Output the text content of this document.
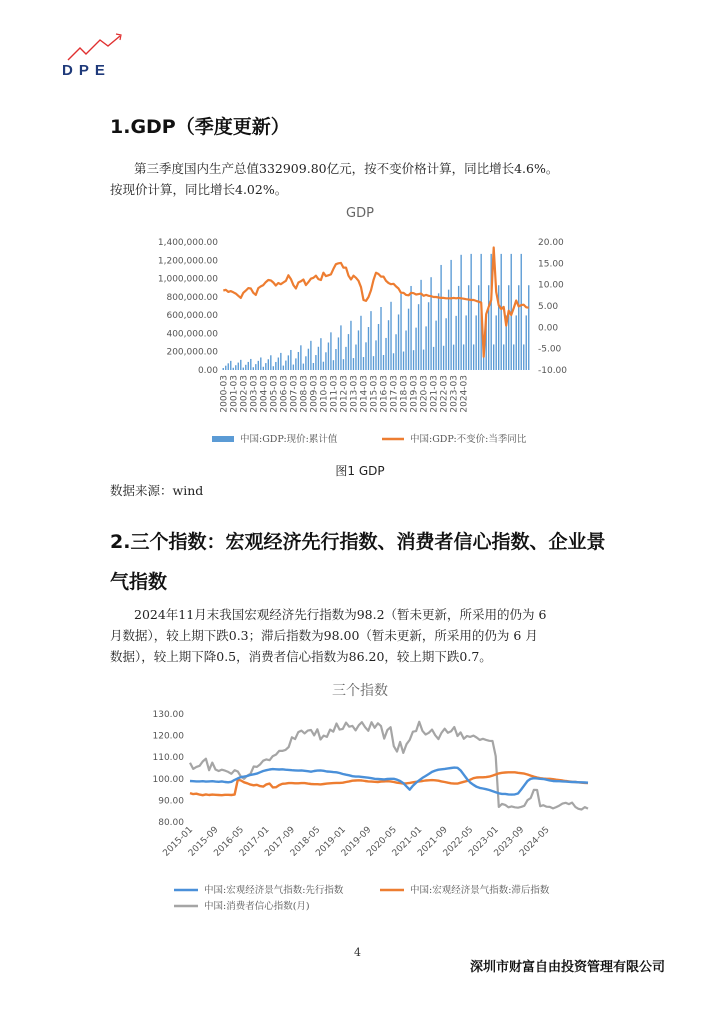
DPE
1.GDP（季度更新）
第三季度国内生产总值332909.80亿元，按不变价格计算，同比增长4.6%。
按现价计算，同比增长4.02%。
GDP
1,400,000.00
1,200,000.00
1,000,000.00
800,000.00
600,000.00
400,000.00
200,000.00
0.00
20.00
15.00
10.00
5.00
0.00
-5.00
-10.00
2000-03 2001-03 2002-03 2003-03 2004-03 2005-03 2006-03 2007-03 2008-03 2009-03 2010-03 2011-03 2012-03 2013-03 2014-03 2015-03 2016-03 2017-03 2018-03 2019-03 2020-03 2021-03 2022-03 2023-03 2024-03
中国:GDP:现价:累计值	中国:GDP:不变价:当季同比
图1 GDP
数据来源：wind
2.三个指数：宏观经济先行指数、消费者信心指数、企业景
气指数
2024年11月末我国宏观经济先行指数为98.2（暂未更新，所采用的仍为 6
月数据），较上期下跌0.3；滞后指数为98.00（暂未更新，所采用的仍为 6 月
数据），较上期下降0.5，消费者信心指数为86.20，较上期下跌0.7。
三个指数
130.00
120.00
110.00
100.00
90.00
80.00
2015-01
2015-09
2016-05
2017-01
2017-09
2018-05
2019-01
2019-09
2020-05
2021-01
2021-09
2022-05
2023-01
2023-09
2024-05
中国:宏观经济景气指数:先行指数	中国:宏观经济景气指数:滞后指数
中国:消费者信心指数(月)
4
深圳市财富自由投资管理有限公司
